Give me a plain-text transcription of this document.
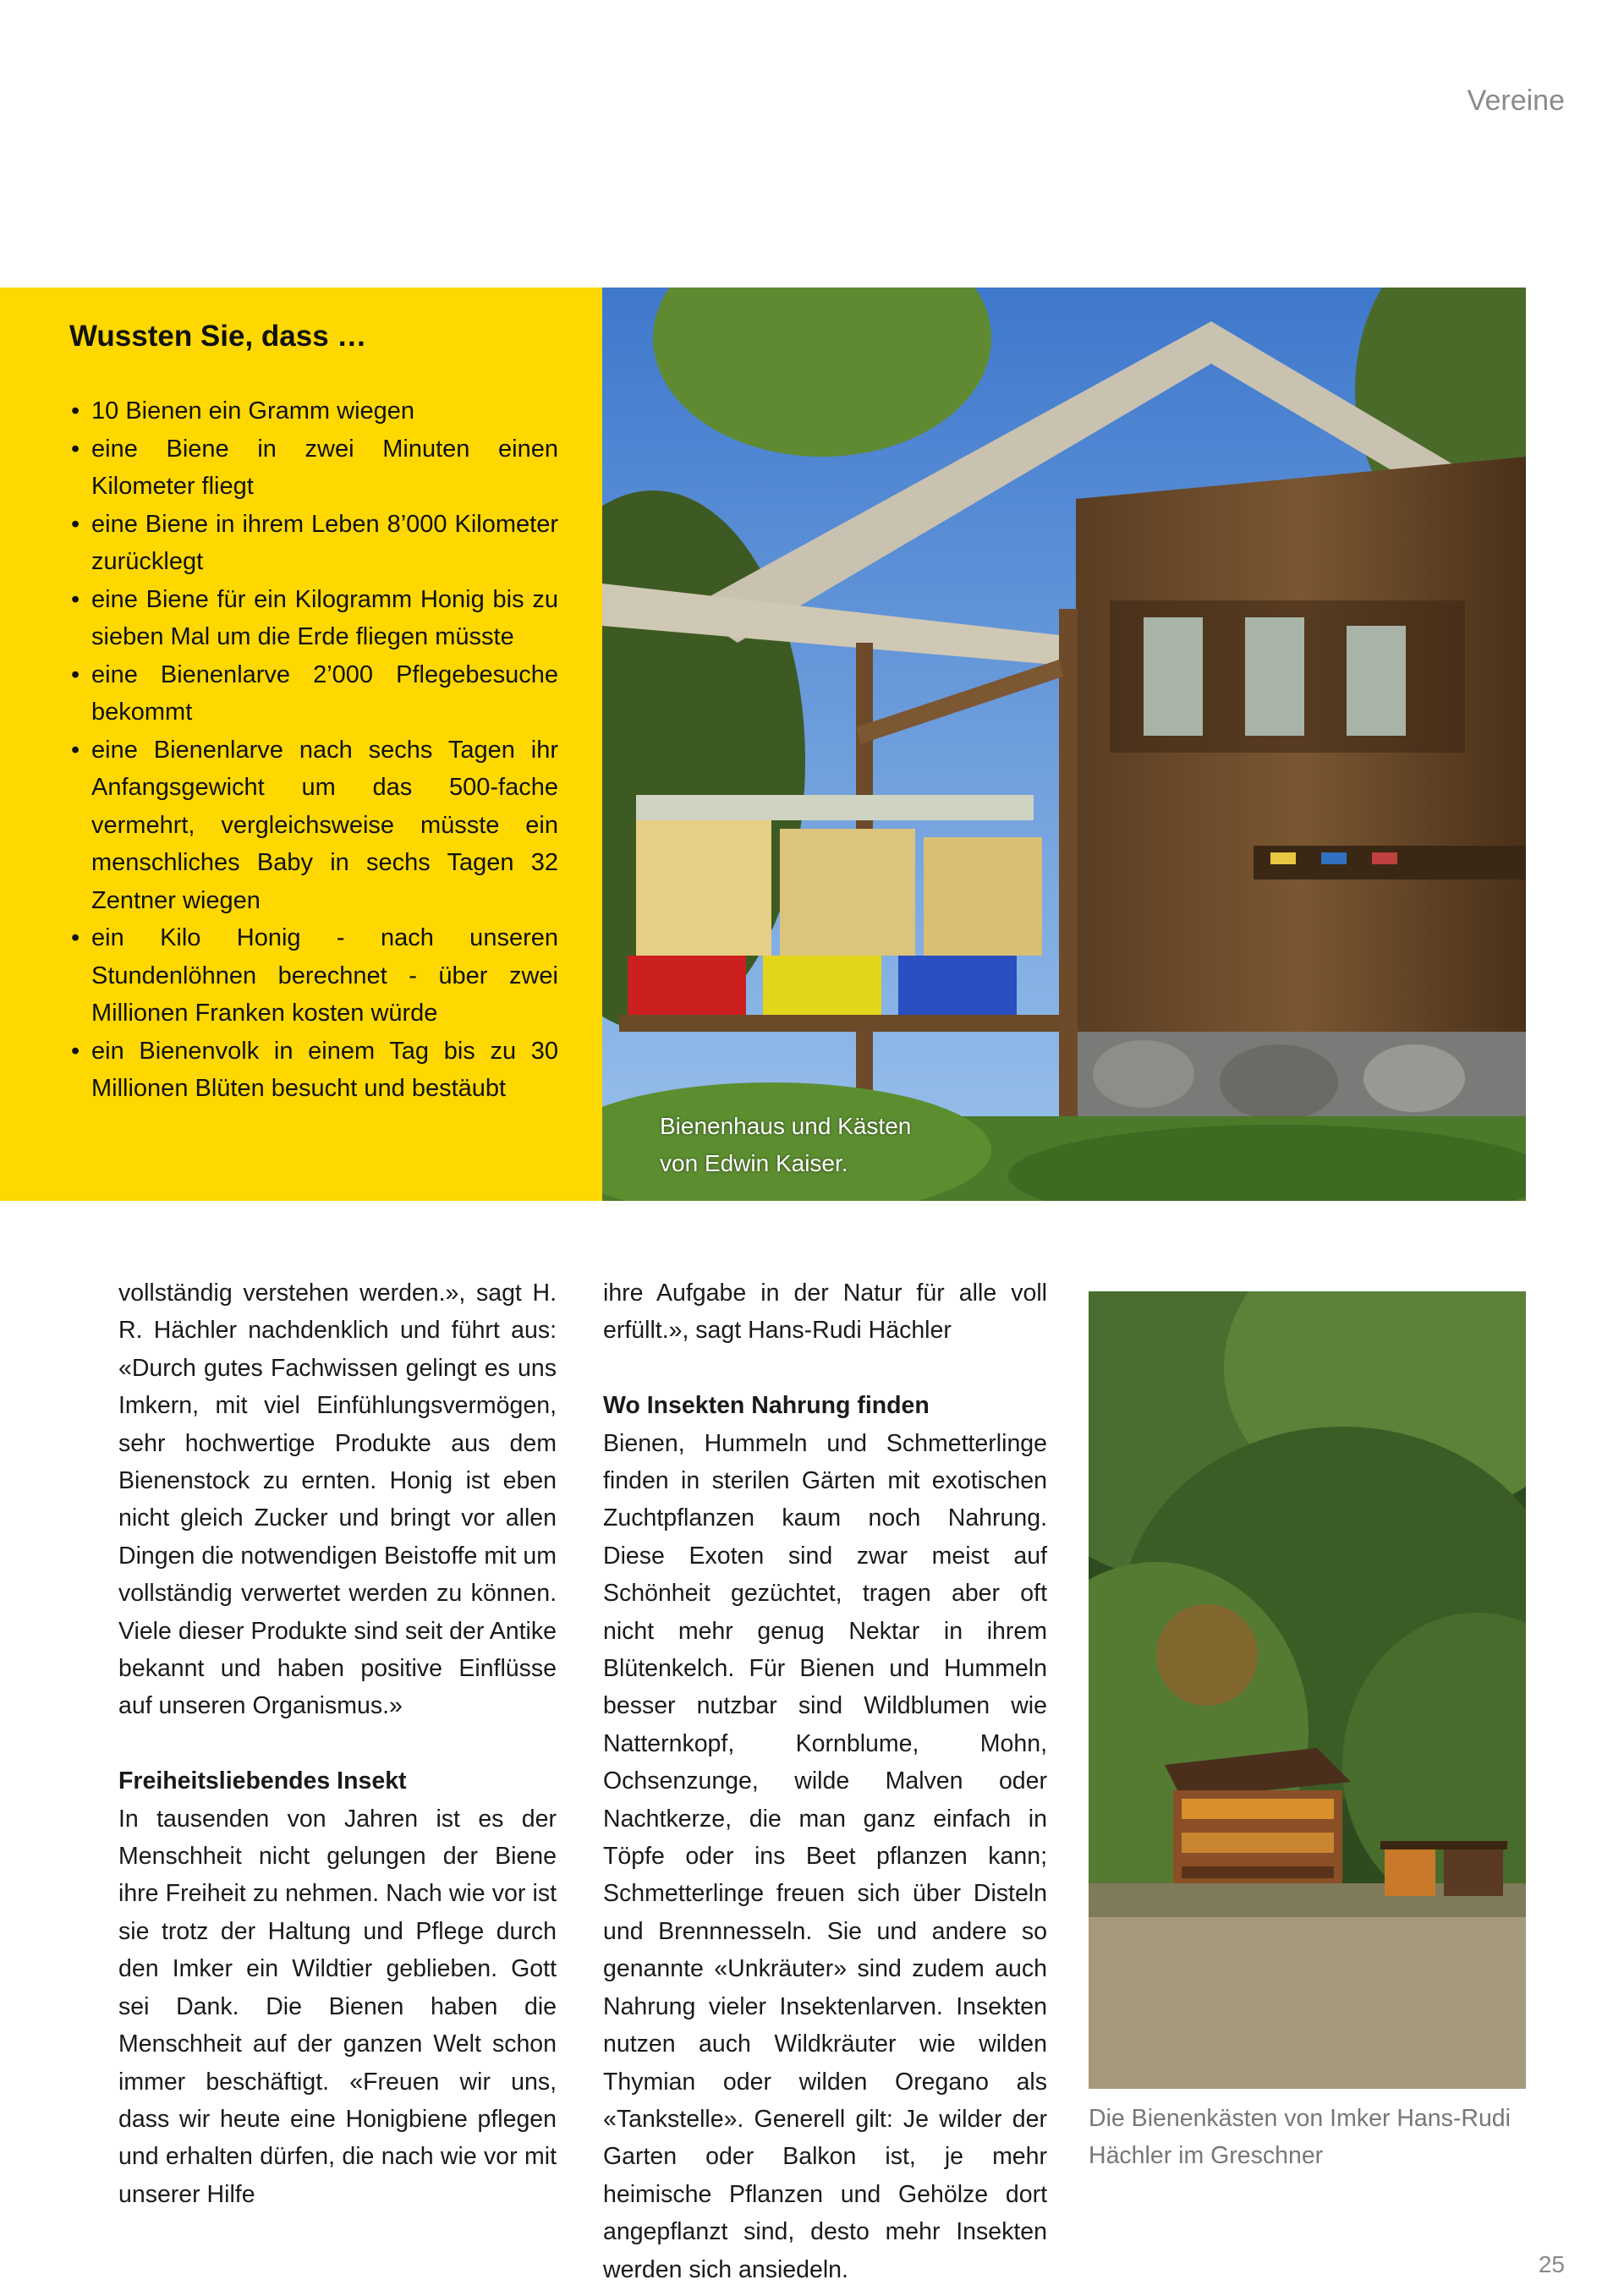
Vereine

Wussten Sie, dass …
• 10 Bienen ein Gramm wiegen
• eine Biene in zwei Minuten einen Kilometer fliegt
• eine Biene in ihrem Leben 8’000 Kilometer zurücklegt
• eine Biene für ein Kilogramm Honig bis zu sieben Mal um die Erde fliegen müsste
• eine Bienenlarve 2’000 Pflegebesuche bekommt
• eine Bienenlarve nach sechs Tagen ihr Anfangsgewicht um das 500-fache vermehrt, vergleichsweise müsste ein menschliches Baby in sechs Tagen 32 Zentner wiegen
• ein Kilo Honig - nach unseren Stundenlöhnen berechnet - über zwei Millionen Franken kosten würde
• ein Bienenvolk in einem Tag bis zu 30 Millionen Blüten besucht und bestäubt

Bienenhaus und Kästen
von Edwin Kaiser.

vollständig verstehen werden.», sagt H. R. Hächler nachdenklich und führt aus: «Durch gutes Fachwissen gelingt es uns Imkern, mit viel Einfühlungsvermögen, sehr hochwertige Produkte aus dem Bienenstock zu ernten. Honig ist eben nicht gleich Zucker und bringt vor allen Dingen die notwendigen Beistoffe mit um vollständig verwertet werden zu können. Viele dieser Produkte sind seit der Antike bekannt und haben positive Einflüsse auf unseren Organismus.»

Freiheitsliebendes Insekt

In tausenden von Jahren ist es der Menschheit nicht gelungen der Biene ihre Freiheit zu nehmen. Nach wie vor ist sie trotz der Haltung und Pflege durch den Imker ein Wildtier geblieben. Gott sei Dank. Die Bienen haben die Menschheit auf der ganzen Welt schon immer beschäftigt. «Freuen wir uns, dass wir heute eine Honigbiene pflegen und erhalten dürfen, die nach wie vor mit unserer Hilfe

ihre Aufgabe in der Natur für alle voll erfüllt.», sagt Hans-Rudi Hächler

Wo Insekten Nahrung finden

Bienen, Hummeln und Schmetterlinge finden in sterilen Gärten mit exotischen Zuchtpflanzen kaum noch Nahrung. Diese Exoten sind zwar meist auf Schönheit gezüchtet, tragen aber oft nicht mehr genug Nektar in ihrem Blütenkelch. Für Bienen und Hummeln besser nutzbar sind Wildblumen wie Natternkopf, Kornblume, Mohn, Ochsenzunge, wilde Malven oder Nachtkerze, die man ganz einfach in Töpfe oder ins Beet pflanzen kann; Schmetterlinge freuen sich über Disteln und Brennnesseln. Sie und andere so genannte «Unkräuter» sind zudem auch Nahrung vieler Insektenlarven. Insekten nutzen auch Wildkräuter wie wilden Thymian oder wilden Oregano als «Tankstelle». Generell gilt: Je wilder der Garten oder Balkon ist, je mehr heimische Pflanzen und Gehölze dort angepflanzt sind, desto mehr Insekten werden sich ansiedeln.

Die Bienenkästen von Imker Hans-Rudi
Hächler im Greschner

25
